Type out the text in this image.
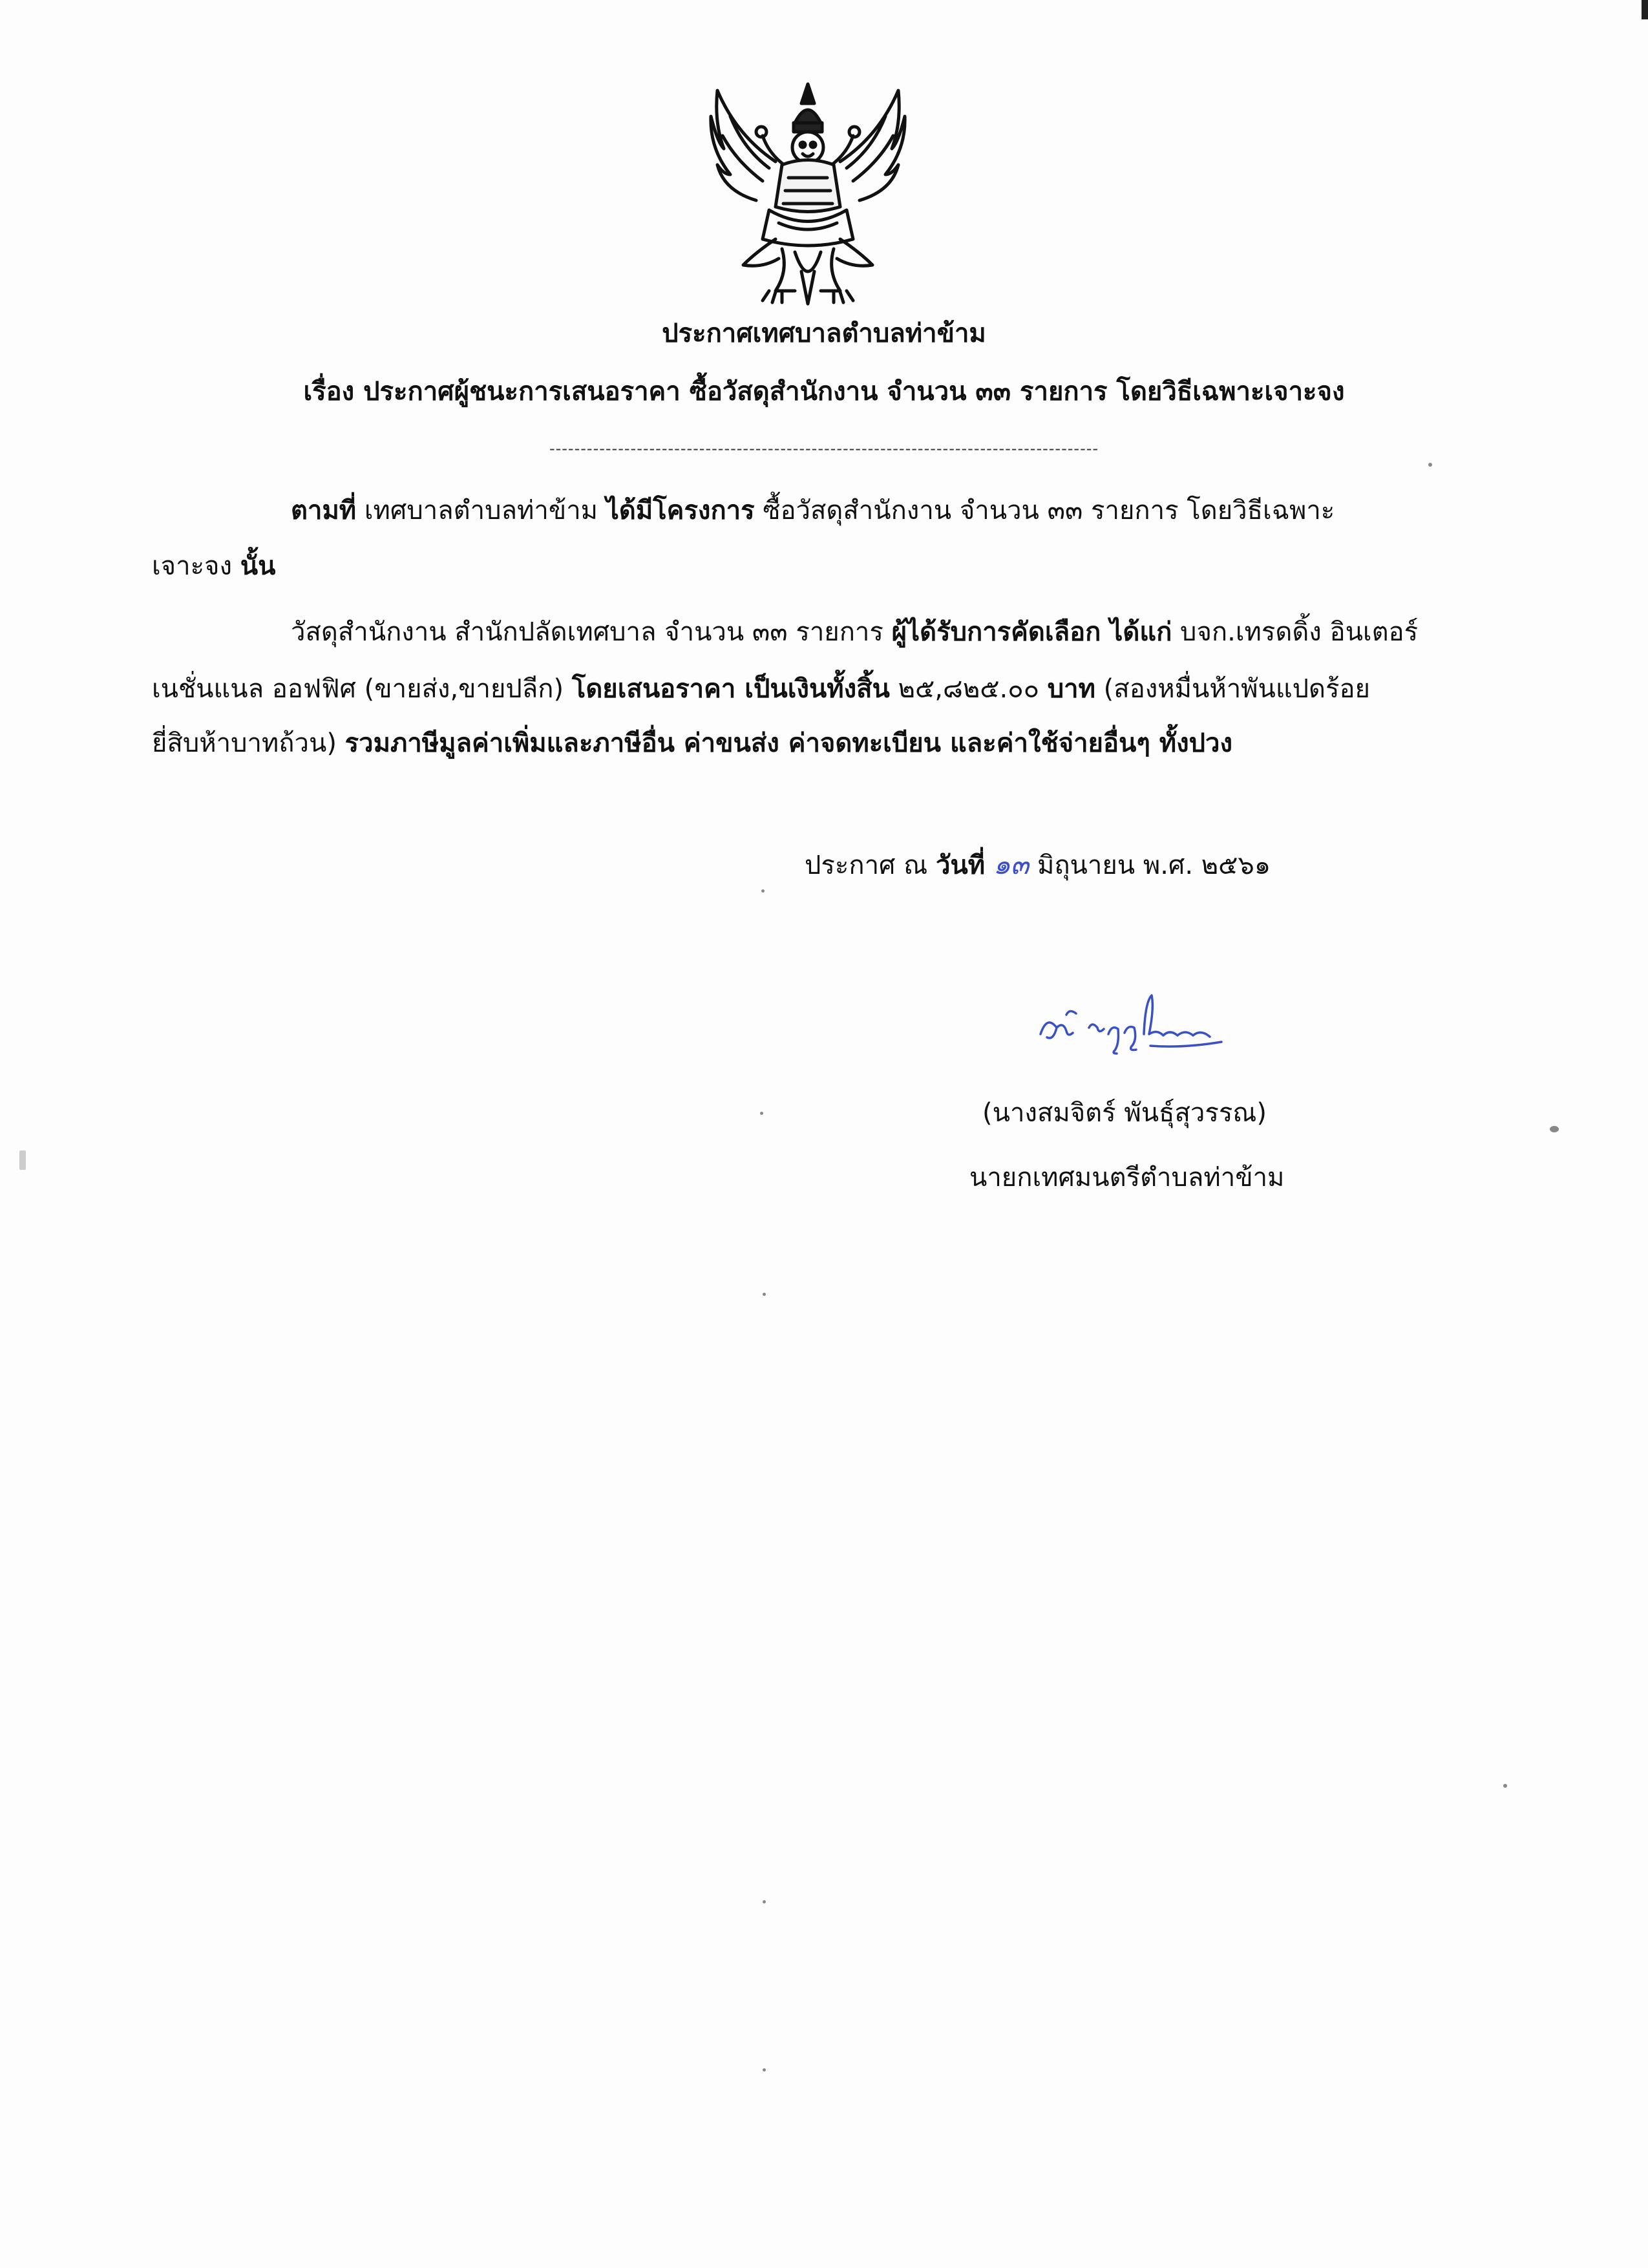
ประกาศเทศบาลตำบลท่าข้าม
เรื่อง ประกาศผู้ชนะการเสนอราคา ซื้อวัสดุสำนักงาน จำนวน ๓๓ รายการ โดยวิธีเฉพาะเจาะจง
----------------------------------------------------------------------------------------
ตามที่ เทศบาลตำบลท่าข้าม ได้มีโครงการ ซื้อวัสดุสำนักงาน จำนวน ๓๓ รายการ โดยวิธีเฉพาะ
เจาะจง นั้น
วัสดุสำนักงาน สำนักปลัดเทศบาล จำนวน ๓๓ รายการ ผู้ได้รับการคัดเลือก ได้แก่ บจก.เทรดดิ้ง อินเตอร์
เนชั่นแนล ออฟฟิศ (ขายส่ง,ขายปลีก) โดยเสนอราคา เป็นเงินทั้งสิ้น ๒๕,๘๒๕.๐๐ บาท (สองหมื่นห้าพันแปดร้อย
ยี่สิบห้าบาทถ้วน) รวมภาษีมูลค่าเพิ่มและภาษีอื่น ค่าขนส่ง ค่าจดทะเบียน และค่าใช้จ่ายอื่นๆ ทั้งปวง
ประกาศ ณ วันที่ ๑๓ มิถุนายน พ.ศ. ๒๕๖๑
(นางสมจิตร์ พันธุ์สุวรรณ)
นายกเทศมนตรีตำบลท่าข้าม
